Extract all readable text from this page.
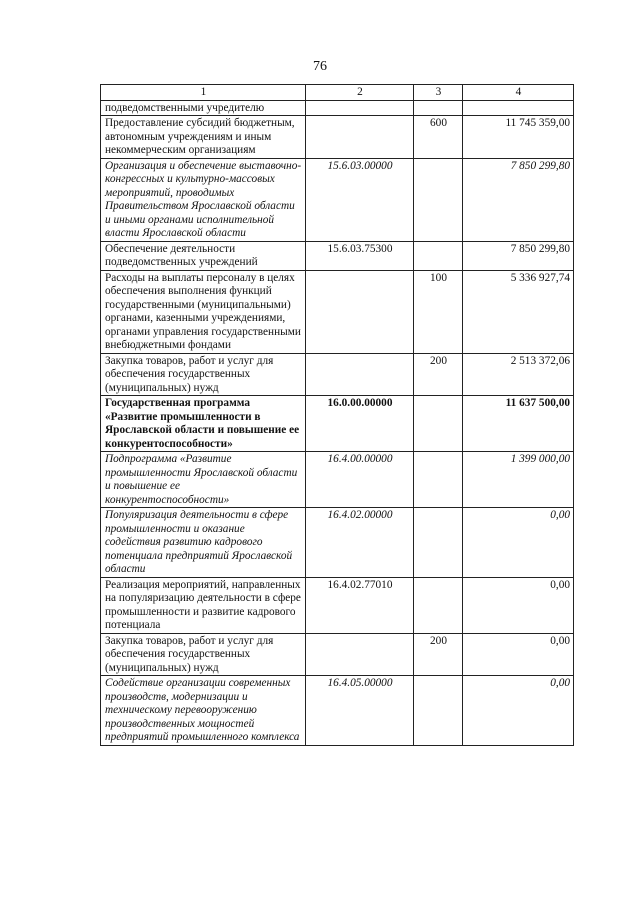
76
1	2	3	4
подведомственными учредителю			
Предоставление субсидий бюджетным, автономным учреждениям и иным некоммерческим организациям		600	11 745 359,00
Организация и обеспечение выставочно-конгрессных и культурно-массовых мероприятий, проводимых Правительством Ярославской области и иными органами исполнительной власти Ярославской области	15.6.03.00000		7 850 299,80
Обеспечение деятельности подведомственных учреждений	15.6.03.75300		7 850 299,80
Расходы на выплаты персоналу в целях обеспечения выполнения функций государственными (муниципальными) органами, казенными учреждениями, органами управления государственными внебюджетными фондами		100	5 336 927,74
Закупка товаров, работ и услуг для обеспечения государственных (муниципальных) нужд		200	2 513 372,06
Государственная программа «Развитие промышленности в Ярославской области и повышение ее конкурентоспособности»	16.0.00.00000		11 637 500,00
Подпрограмма «Развитие промышленности Ярославской области и повышение ее конкурентоспособности»	16.4.00.00000		1 399 000,00
Популяризация деятельности в сфере промышленности и оказание содействия развитию кадрового потенциала предприятий Ярославской области	16.4.02.00000		0,00
Реализация мероприятий, направленных на популяризацию деятельности в сфере промышленности и развитие кадрового потенциала	16.4.02.77010		0,00
Закупка товаров, работ и услуг для обеспечения государственных (муниципальных) нужд		200	0,00
Содействие организации современных производств, модернизации и техническому перевооружению производственных мощностей предприятий промышленного комплекса	16.4.05.00000		0,00
